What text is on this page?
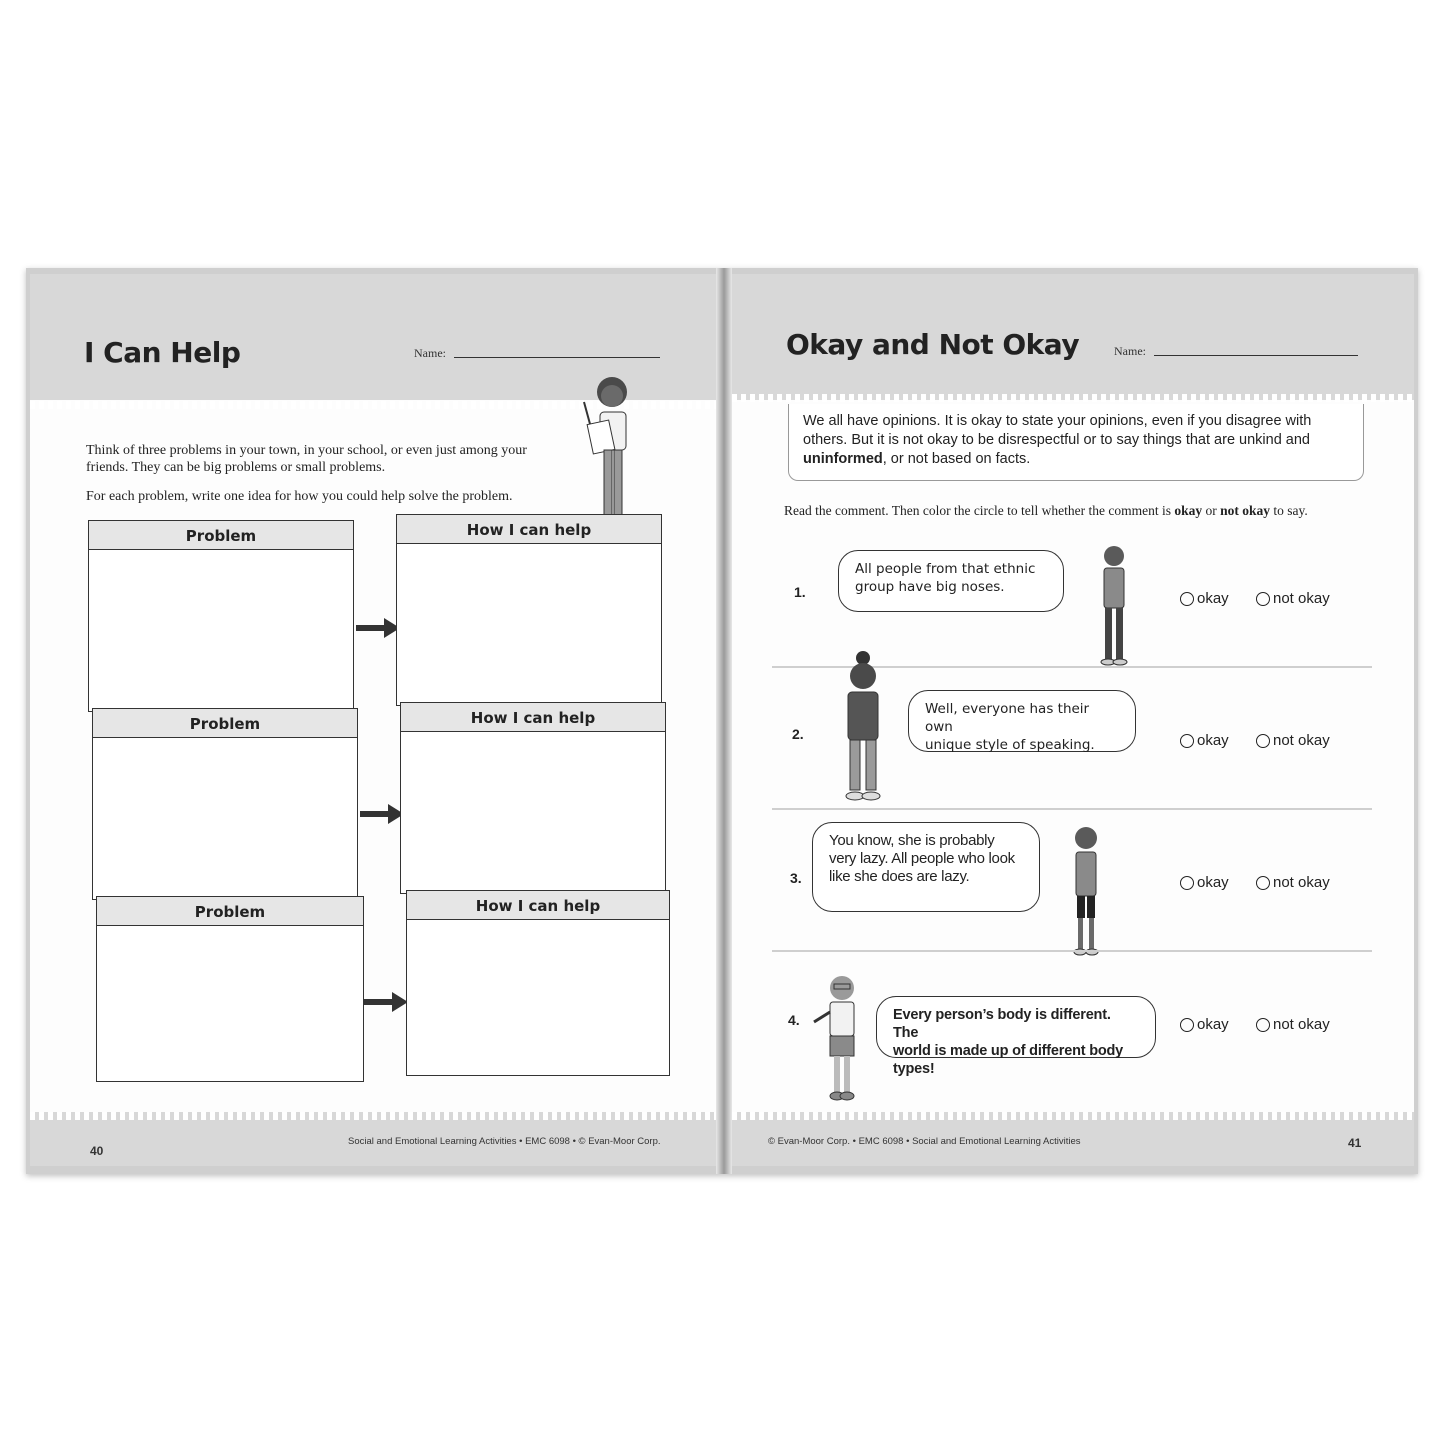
I Can Help	Name:
Think of three problems in your town, in your school, or even just among your friends. They can be big problems or small problems.
For each problem, write one idea for how you could help solve the problem.
Problem	How I can help
Problem	How I can help
Problem	How I can help
40
Social and Emotional Learning Activities • EMC 6098 • © Evan-Moor Corp.
Okay and Not Okay	Name:
We all have opinions. It is okay to state your opinions, even if you disagree with others. But it is not okay to be disrespectful or to say things that are unkind and uninformed, or not based on facts.
Read the comment. Then color the circle to tell whether the comment is okay or not okay to say.
1.
All people from that ethnic
group have big noses.
okay	not okay
2.
Well, everyone has their own
unique style of speaking.	okay	not okay
3.
You know, she is probably
very lazy. All people who look
like she does are lazy.	okay	not okay
4.	Every person’s body is different. The
world is made up of different body types!
okay	not okay
© Evan-Moor Corp. • EMC 6098 • Social and Emotional Learning Activities	41
